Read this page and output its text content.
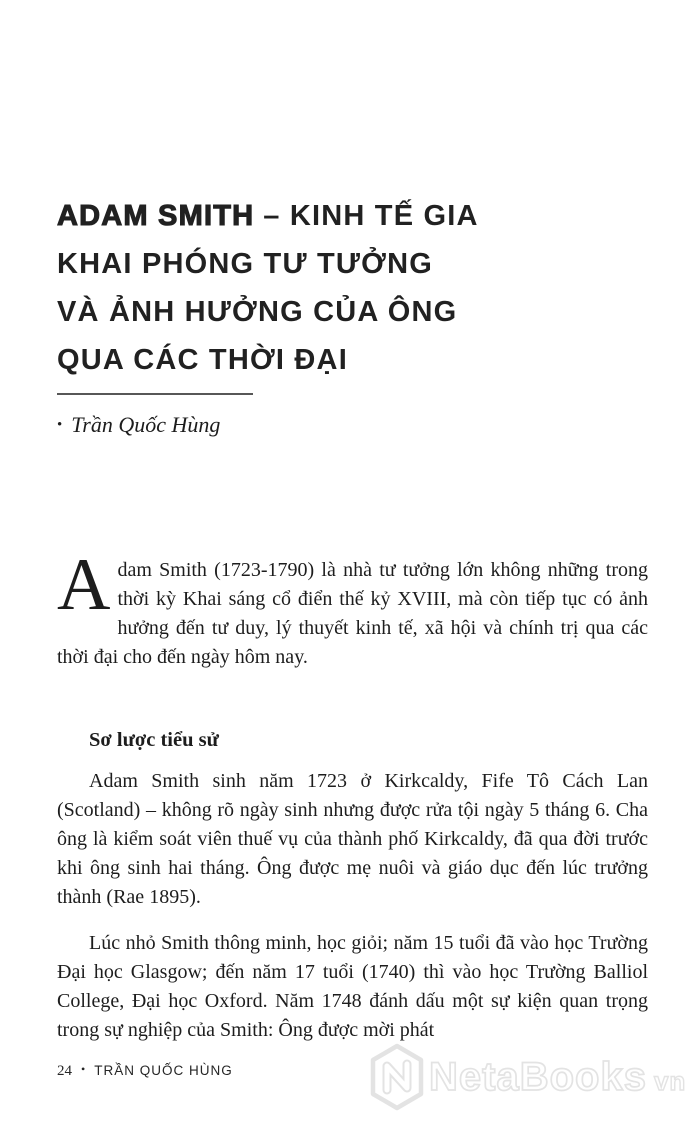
ADAM SMITH – KINH TẾ GIA
KHAI PHÓNG TƯ TƯỞNG
VÀ ẢNH HƯỞNG CỦA ÔNG
QUA CÁC THỜI ĐẠI
• Trần Quốc Hùng

Adam Smith (1723-1790) là nhà tư tưởng lớn không những trong thời kỳ Khai sáng cổ điển thế kỷ XVIII, mà còn tiếp tục có ảnh hưởng đến tư duy, lý thuyết kinh tế, xã hội và chính trị qua các thời đại cho đến ngày hôm nay.

Sơ lược tiểu sử

Adam Smith sinh năm 1723 ở Kirkcaldy, Fife Tô Cách Lan (Scotland) – không rõ ngày sinh nhưng được rửa tội ngày 5 tháng 6. Cha ông là kiểm soát viên thuế vụ của thành phố Kirkcaldy, đã qua đời trước khi ông sinh hai tháng. Ông được mẹ nuôi và giáo dục đến lúc trưởng thành (Rae 1895).

Lúc nhỏ Smith thông minh, học giỏi; năm 15 tuổi đã vào học Trường Đại học Glasgow; đến năm 17 tuổi (1740) thì vào học Trường Balliol College, Đại học Oxford. Năm 1748 đánh dấu một sự kiện quan trọng trong sự nghiệp của Smith: Ông được mời phát

24 • TRẦN QUỐC HÙNG	NetaBooks vn
